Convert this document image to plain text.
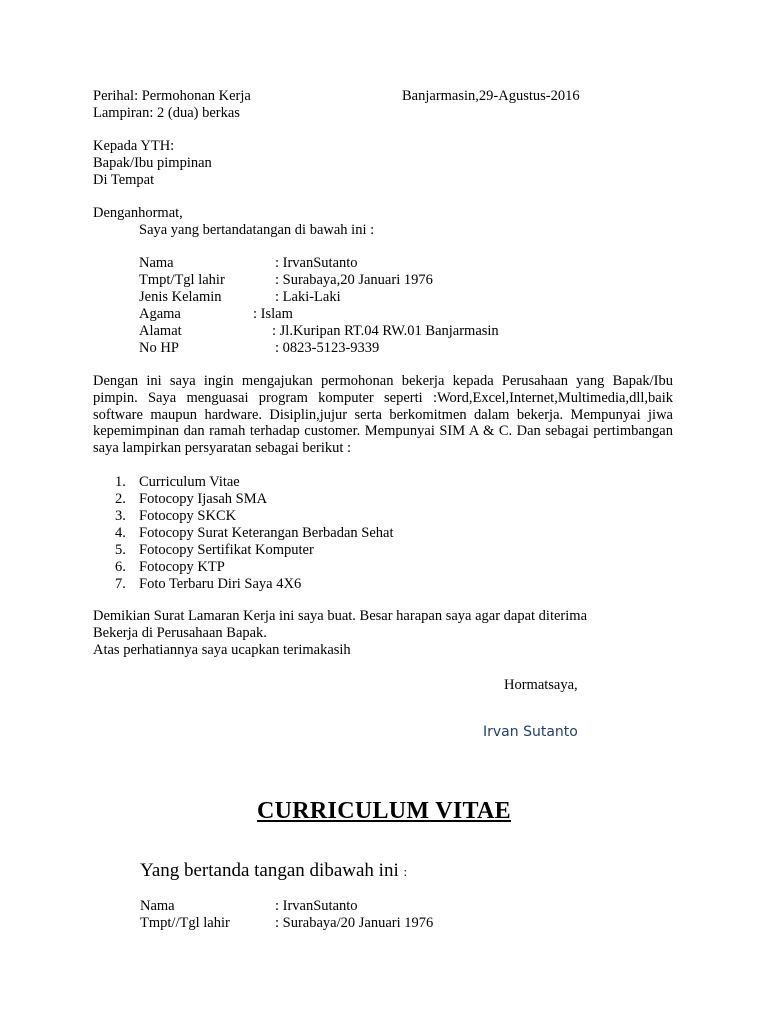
Perihal: Permohonan Kerja	Banjarmasin,29-Agustus-2016
Lampiran: 2 (dua) berkas
Kepada YTH:
Bapak/Ibu pimpinan
Di Tempat
Denganhormat,
Saya yang bertandatangan di bawah ini :
Nama	: IrvanSutanto
Tmpt/Tgl lahir	: Surabaya,20 Januari 1976
Jenis Kelamin	: Laki-Laki
Agama	: Islam
Alamat	: Jl.Kuripan RT.04 RW.01 Banjarmasin
No HP	: 0823-5123-9339
Dengan ini saya ingin mengajukan permohonan bekerja kepada Perusahaan yang Bapak/Ibu pimpin. Saya menguasai program komputer seperti :Word,Excel,Internet,Multimedia,dll,baik software maupun hardware. Disiplin,jujur serta berkomitmen dalam bekerja. Mempunyai jiwa kepemimpinan dan ramah terhadap customer. Mempunyai SIM A & C. Dan sebagai pertimbangan saya lampirkan persyaratan sebagai berikut :
1. Curriculum Vitae
2. Fotocopy Ijasah SMA
3. Fotocopy SKCK
4. Fotocopy Surat Keterangan Berbadan Sehat
5. Fotocopy Sertifikat Komputer
6. Fotocopy KTP
7. Foto Terbaru Diri Saya 4X6
Demikian Surat Lamaran Kerja ini saya buat. Besar harapan saya agar dapat diterima
Bekerja di Perusahaan Bapak.
Atas perhatiannya saya ucapkan terimakasih
Hormatsaya,
Irvan Sutanto
CURRICULUM VITAE
Yang bertanda tangan dibawah ini :
Nama	: IrvanSutanto
Tmpt//Tgl lahir	: Surabaya/20 Januari 1976
